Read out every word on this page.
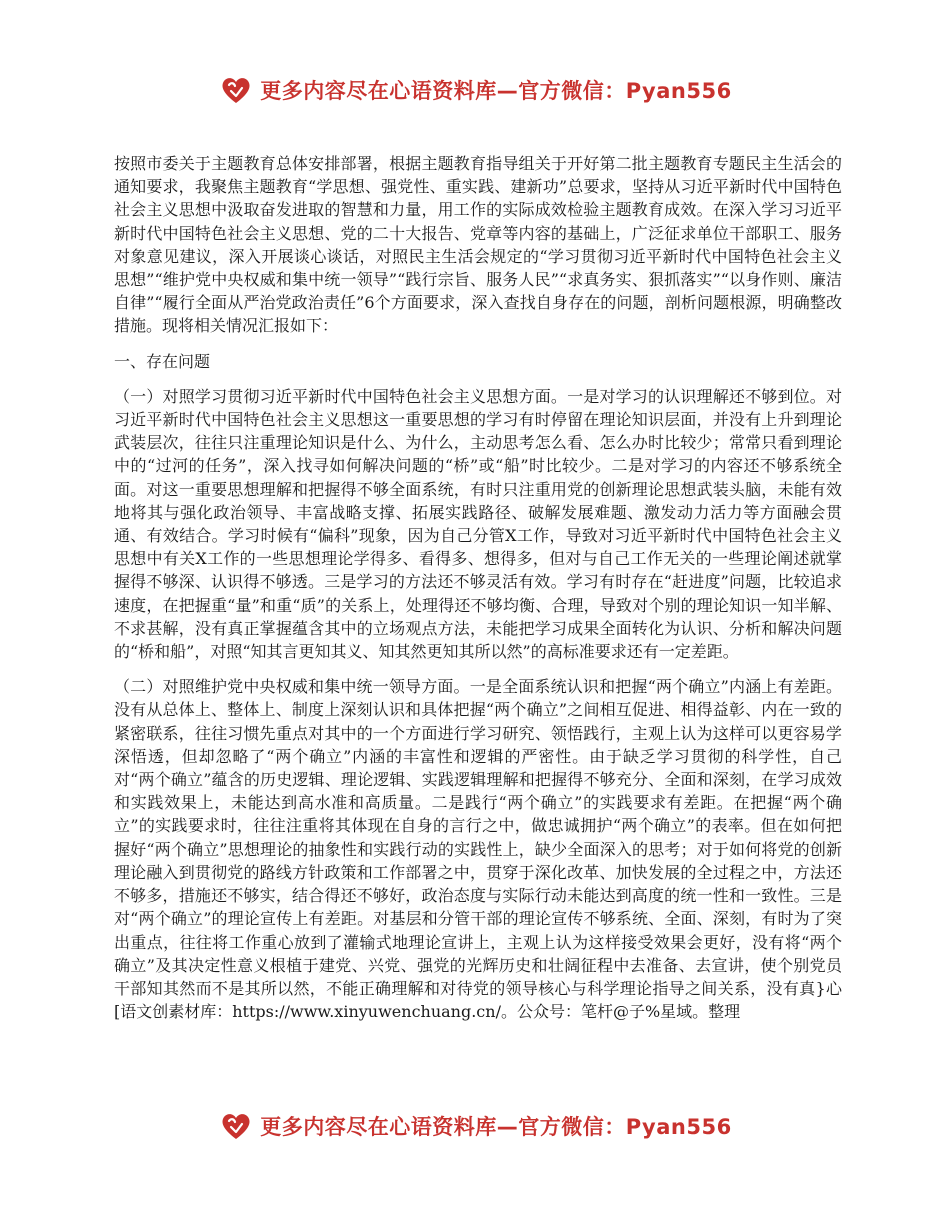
更多内容尽在心语资料库—官方微信：Pyan556

按照市委关于主题教育总体安排部署，根据主题教育指导组关于开好第二批主题教育专题民主生活会的通知要求，我聚焦主题教育“学思想、强党性、重实践、建新功”总要求，坚持从习近平新时代中国特色社会主义思想中汲取奋发进取的智慧和力量，用工作的实际成效检验主题教育成效。在深入学习习近平新时代中国特色社会主义思想、党的二十大报告、党章等内容的基础上，广泛征求单位干部职工、服务对象意见建议，深入开展谈心谈话，对照民主生活会规定的“学习贯彻习近平新时代中国特色社会主义思想”“维护党中央权威和集中统一领导”“践行宗旨、服务人民”“求真务实、狠抓落实”“以身作则、廉洁自律”“履行全面从严治党政治责任”6个方面要求，深入查找自身存在的问题，剖析问题根源，明确整改措施。现将相关情况汇报如下：

一、存在问题

（一）对照学习贯彻习近平新时代中国特色社会主义思想方面。一是对学习的认识理解还不够到位。对习近平新时代中国特色社会主义思想这一重要思想的学习有时停留在理论知识层面，并没有上升到理论武装层次，往往只注重理论知识是什么、为什么，主动思考怎么看、怎么办时比较少；常常只看到理论中的“过河的任务”，深入找寻如何解决问题的“桥”或“船”时比较少。二是对学习的内容还不够系统全面。对这一重要思想理解和把握得不够全面系统，有时只注重用党的创新理论思想武装头脑，未能有效地将其与强化政治领导、丰富战略支撑、拓展实践路径、破解发展难题、激发动力活力等方面融会贯通、有效结合。学习时候有“偏科”现象，因为自己分管X工作，导致对习近平新时代中国特色社会主义思想中有关X工作的一些思想理论学得多、看得多、想得多，但对与自己工作无关的一些理论阐述就掌握得不够深、认识得不够透。三是学习的方法还不够灵活有效。学习有时存在“赶进度”问题，比较追求速度，在把握重“量”和重“质”的关系上，处理得还不够均衡、合理，导致对个别的理论知识一知半解、不求甚解，没有真正掌握蕴含其中的立场观点方法，未能把学习成果全面转化为认识、分析和解决问题的“桥和船”，对照“知其言更知其义、知其然更知其所以然”的高标准要求还有一定差距。

（二）对照维护党中央权威和集中统一领导方面。一是全面系统认识和把握“两个确立”内涵上有差距。没有从总体上、整体上、制度上深刻认识和具体把握“两个确立”之间相互促进、相得益彰、内在一致的紧密联系，往往习惯先重点对其中的一个方面进行学习研究、领悟践行，主观上认为这样可以更容易学深悟透，但却忽略了“两个确立”内涵的丰富性和逻辑的严密性。由于缺乏学习贯彻的科学性，自己对“两个确立”蕴含的历史逻辑、理论逻辑、实践逻辑理解和把握得不够充分、全面和深刻，在学习成效和实践效果上，未能达到高水准和高质量。二是践行“两个确立”的实践要求有差距。在把握“两个确立”的实践要求时，往往注重将其体现在自身的言行之中，做忠诚拥护“两个确立”的表率。但在如何把握好“两个确立”思想理论的抽象性和实践行动的实践性上，缺少全面深入的思考；对于如何将党的创新理论融入到贯彻党的路线方针政策和工作部署之中，贯穿于深化改革、加快发展的全过程之中，方法还不够多，措施还不够实，结合得还不够好，政治态度与实际行动未能达到高度的统一性和一致性。三是对“两个确立”的理论宣传上有差距。对基层和分管干部的理论宣传不够系统、全面、深刻，有时为了突出重点，往往将工作重心放到了灌输式地理论宣讲上，主观上认为这样接受效果会更好，没有将“两个确立”及其决定性意义根植于建党、兴党、强党的光辉历史和壮阔征程中去准备、去宣讲，使个别党员干部知其然而不是其所以然，不能正确理解和对待党的领导核心与科学理论指导之间关系，没有真}心[语文创素材库：https://www.xinyuwenchuang.cn/。公众号：笔杆@子%星域。整理

更多内容尽在心语资料库—官方微信：Pyan556
